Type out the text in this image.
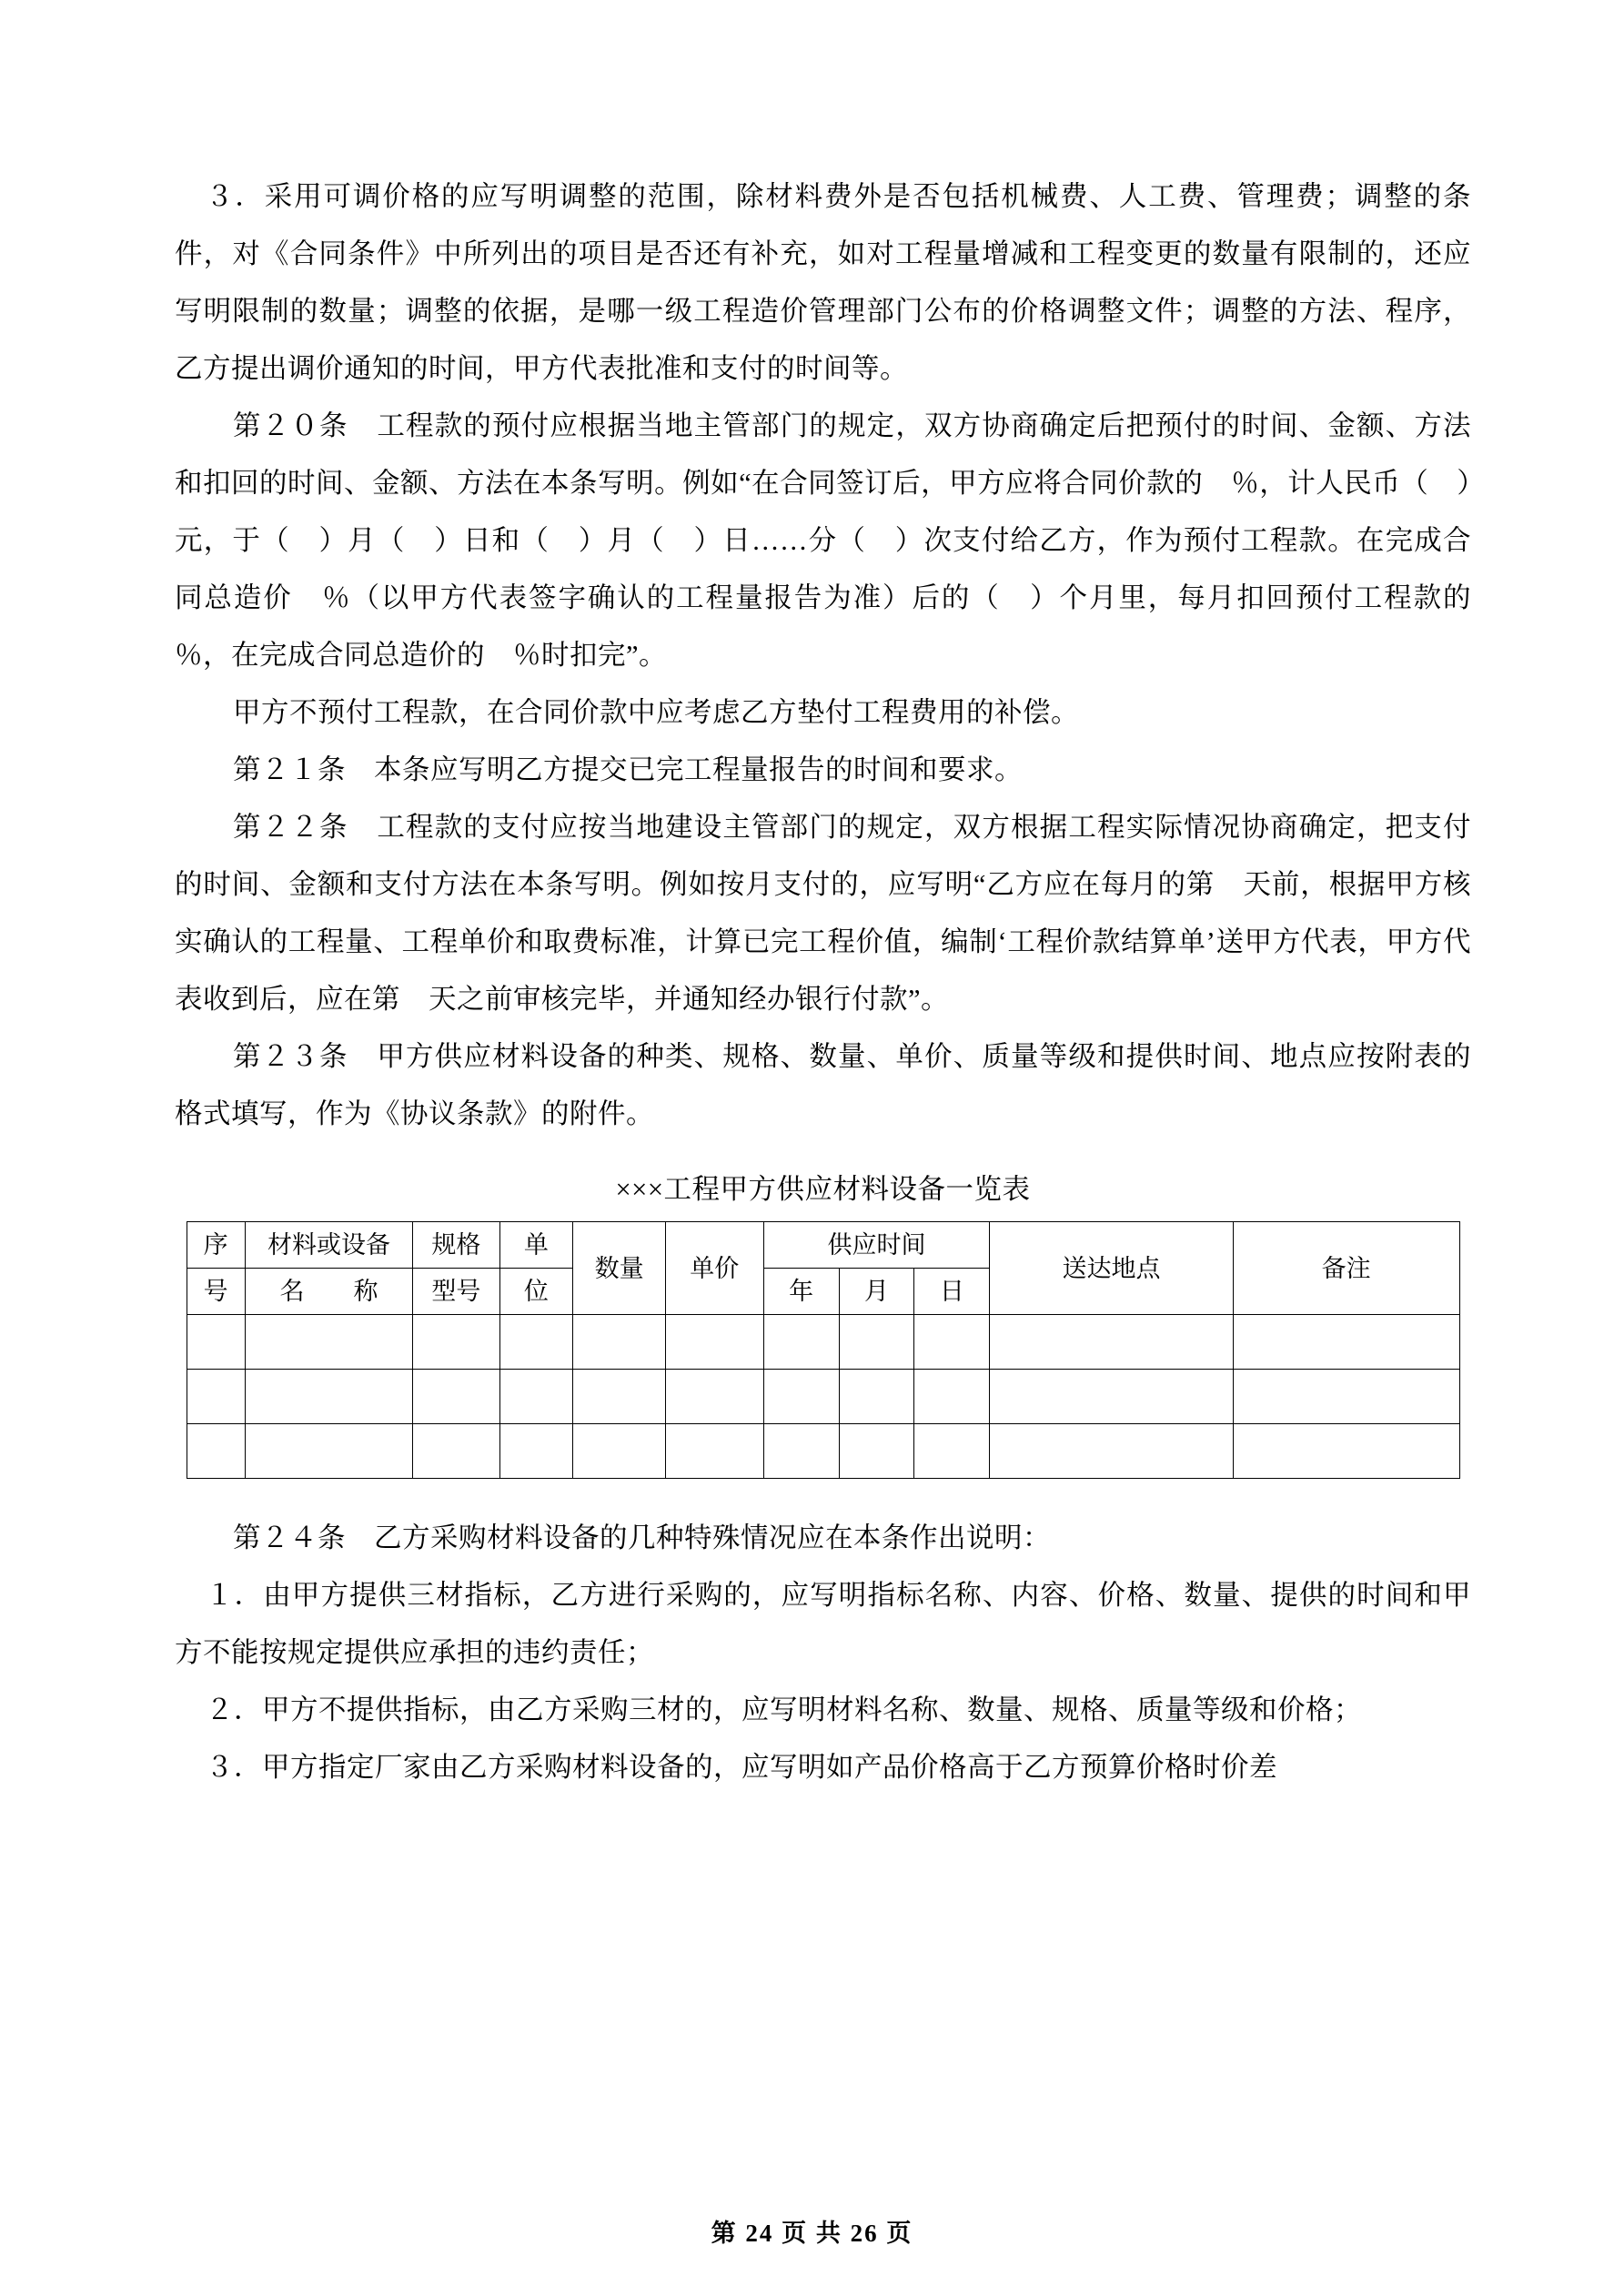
３．采用可调价格的应写明调整的范围，除材料费外是否包括机械费、人工费、管理费；调整的条件，对《合同条件》中所列出的项目是否还有补充，如对工程量增减和工程变更的数量有限制的，还应写明限制的数量；调整的依据，是哪一级工程造价管理部门公布的价格调整文件；调整的方法、程序，乙方提出调价通知的时间，甲方代表批准和支付的时间等。

第２０条　工程款的预付应根据当地主管部门的规定，双方协商确定后把预付的时间、金额、方法和扣回的时间、金额、方法在本条写明。例如“在合同签订后，甲方应将合同价款的　％，计人民币（　）元，于（　）月（　）日和（　）月（　）日……分（　）次支付给乙方，作为预付工程款。在完成合同总造价　％（以甲方代表签字确认的工程量报告为准）后的（　）个月里，每月扣回预付工程款的　％，在完成合同总造价的　％时扣完”。

甲方不预付工程款，在合同价款中应考虑乙方垫付工程费用的补偿。

第２１条　本条应写明乙方提交已完工程量报告的时间和要求。

第２２条　工程款的支付应按当地建设主管部门的规定，双方根据工程实际情况协商确定，把支付的时间、金额和支付方法在本条写明。例如按月支付的，应写明“乙方应在每月的第　天前，根据甲方核实确认的工程量、工程单价和取费标准，计算已完工程价值，编制‘工程价款结算单’送甲方代表，甲方代表收到后，应在第　天之前审核完毕，并通知经办银行付款”。

第２３条　甲方供应材料设备的种类、规格、数量、单价、质量等级和提供时间、地点应按附表的格式填写，作为《协议条款》的附件。

×××工程甲方供应材料设备一览表
序	材料或设备	规格	单	数量	单价	供应时间			送达地点	备注
号	名　　称	型号	位			年	月	日		

第２４条　乙方采购材料设备的几种特殊情况应在本条作出说明：

１．由甲方提供三材指标，乙方进行采购的，应写明指标名称、内容、价格、数量、提供的时间和甲方不能按规定提供应承担的违约责任；

２．甲方不提供指标，由乙方采购三材的，应写明材料名称、数量、规格、质量等级和价格；

３．甲方指定厂家由乙方采购材料设备的，应写明如产品价格高于乙方预算价格时价差

第 24 页 共 26 页
